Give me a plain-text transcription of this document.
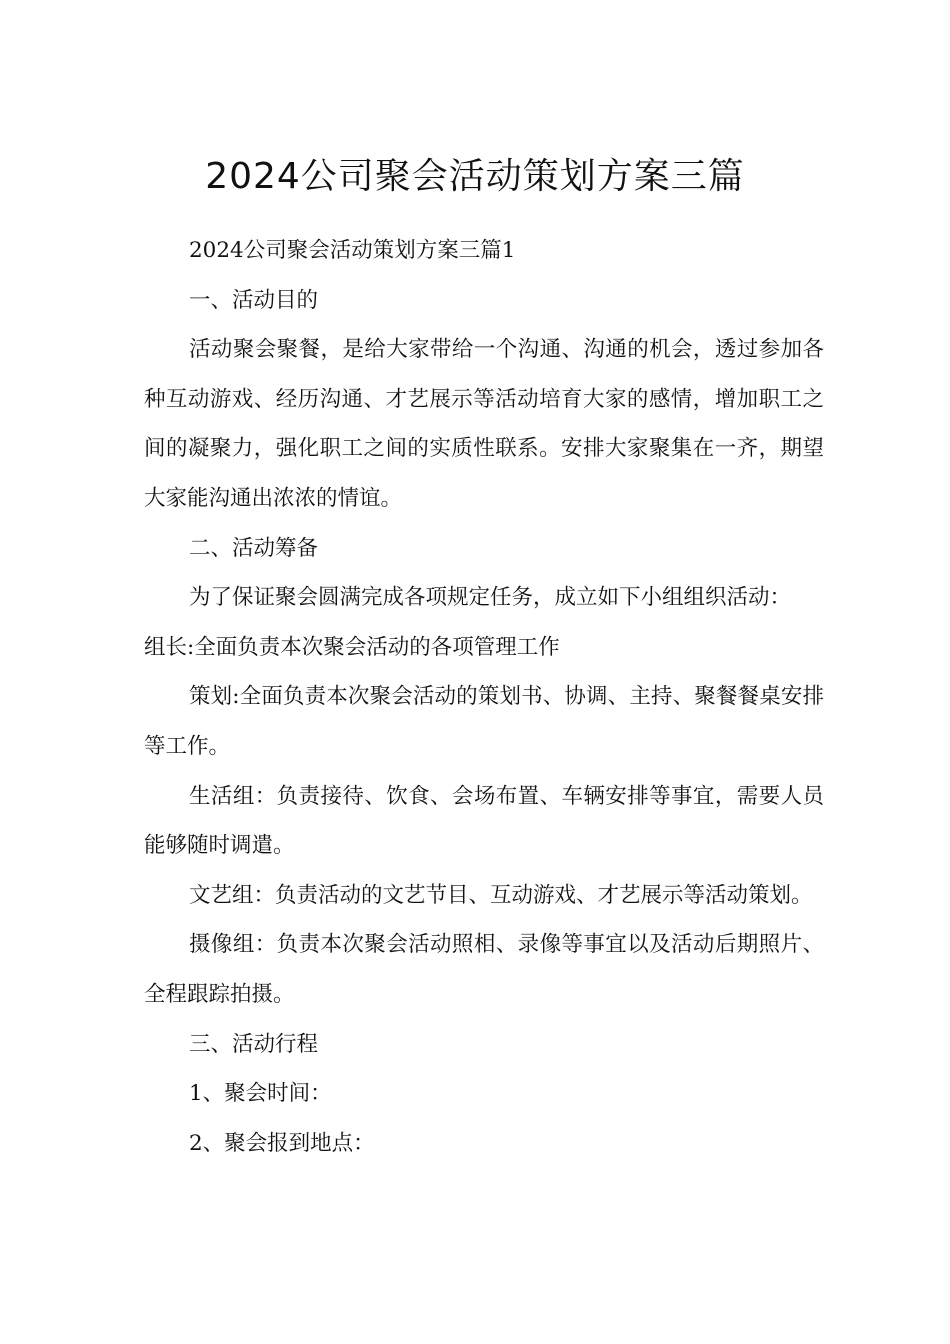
2024公司聚会活动策划方案三篇

2024公司聚会活动策划方案三篇1

一、活动目的

活动聚会聚餐，是给大家带给一个沟通、沟通的机会，透过参加各种互动游戏、经历沟通、才艺展示等活动培育大家的感情，增加职工之间的凝聚力，强化职工之间的实质性联系。安排大家聚集在一齐，期望大家能沟通出浓浓的情谊。

二、活动筹备

为了保证聚会圆满完成各项规定任务，成立如下小组组织活动：

组长:全面负责本次聚会活动的各项管理工作

策划:全面负责本次聚会活动的策划书、协调、主持、聚餐餐桌安排等工作。

生活组：负责接待、饮食、会场布置、车辆安排等事宜，需要人员能够随时调遣。

文艺组：负责活动的文艺节目、互动游戏、才艺展示等活动策划。

摄像组：负责本次聚会活动照相、录像等事宜以及活动后期照片、全程跟踪拍摄。

三、活动行程

1、聚会时间：

2、聚会报到地点：
